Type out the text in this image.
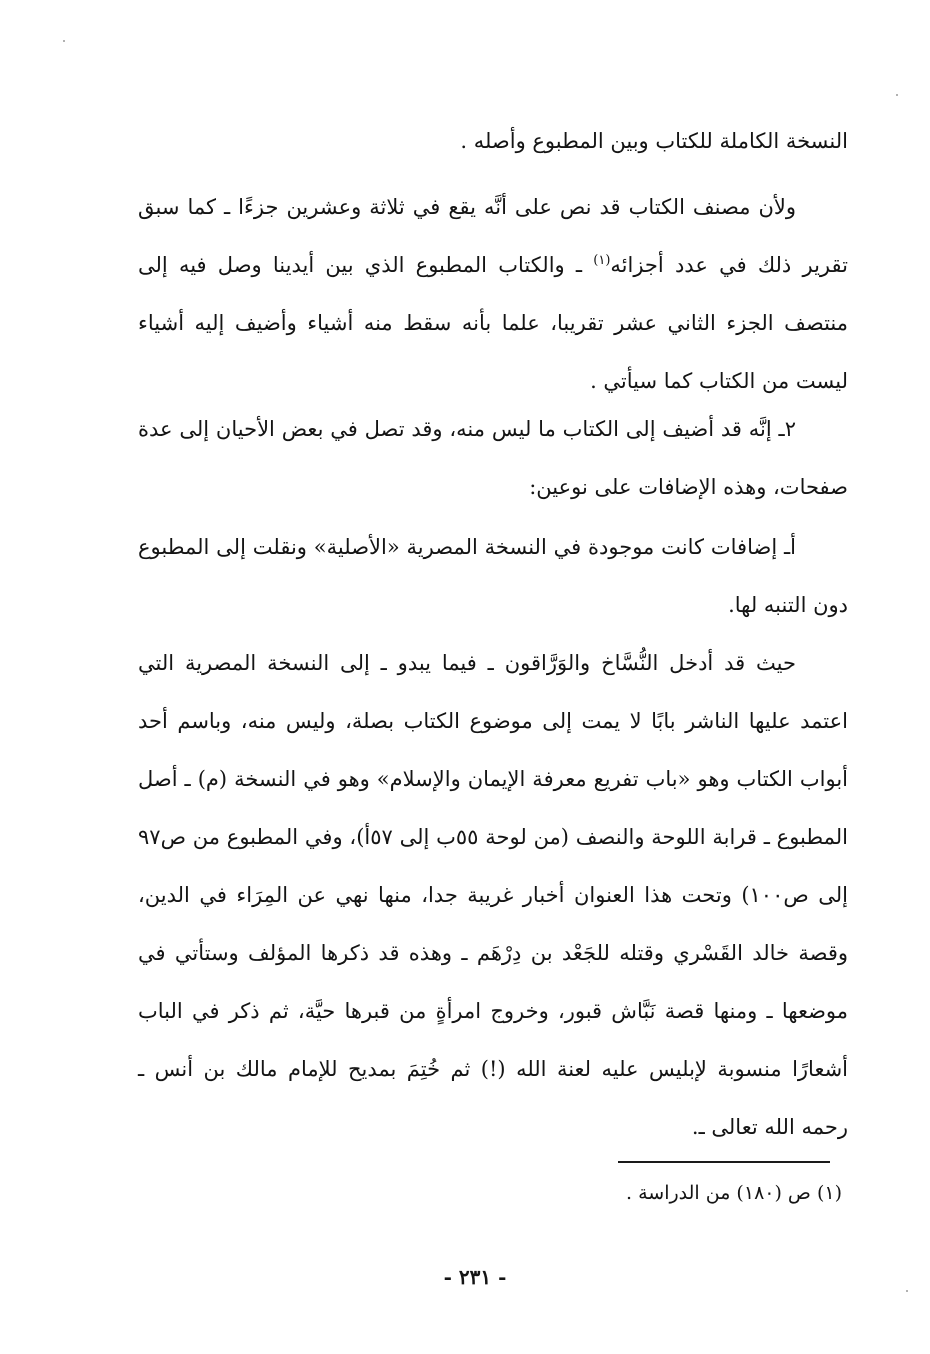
النسخة الكاملة للكتاب وبين المطبوع وأصله .

ولأن مصنف الكتاب قد نص على أنَّه يقع في ثلاثة وعشرين جزءًا ـ كما سبق تقرير ذلك في عدد أجزائه$^{(١)}$ ـ والكتاب المطبوع الذي بين أيدينا وصل فيه إلى منتصف الجزء الثاني عشر تقريبا، علما بأنه سقط منه أشياء وأضيف إليه أشياء ليست من الكتاب كما سيأتي .

٢ـ إنَّه قد أضيف إلى الكتاب ما ليس منه، وقد تصل في بعض الأحيان إلى عدة صفحات، وهذه الإضافات على نوعين:

أـ إضافات كانت موجودة في النسخة المصرية «الأصلية» ونقلت إلى المطبوع دون التنبه لها.

حيث قد أدخل النُّسَّاخ والوَرَّاقون ـ فيما يبدو ـ إلى النسخة المصرية التي اعتمد عليها الناشر بابًا لا يمت إلى موضوع الكتاب بصلة، وليس منه، وباسم أحد أبواب الكتاب وهو «باب تفريع معرفة الإيمان والإسلام» وهو في النسخة (م) ـ أصل المطبوع ـ قرابة اللوحة والنصف (من لوحة ٥٥ب إلى ٥٧أ)، وفي المطبوع من ص٩٧ إلى ص١٠٠) وتحت هذا العنوان أخبار غريبة جدا، منها نهي عن المِرَاء في الدين، وقصة خالد القَسْري وقتله للجَعْد بن دِرْهَم ـ وهذه قد ذكرها المؤلف وستأتي في موضعها ـ ومنها قصة نَبَّاش قبور، وخروج امرأةٍ من قبرها حيَّة، ثم ذكر في الباب أشعارًا منسوبة لإبليس عليه لعنة الله (!) ثم خُتِمَ بمديح للإمام مالك بن أنس ـ رحمه الله تعالى ـ.

(١) ص (١٨٠) من الدراسة .
- ٢٣١ -
